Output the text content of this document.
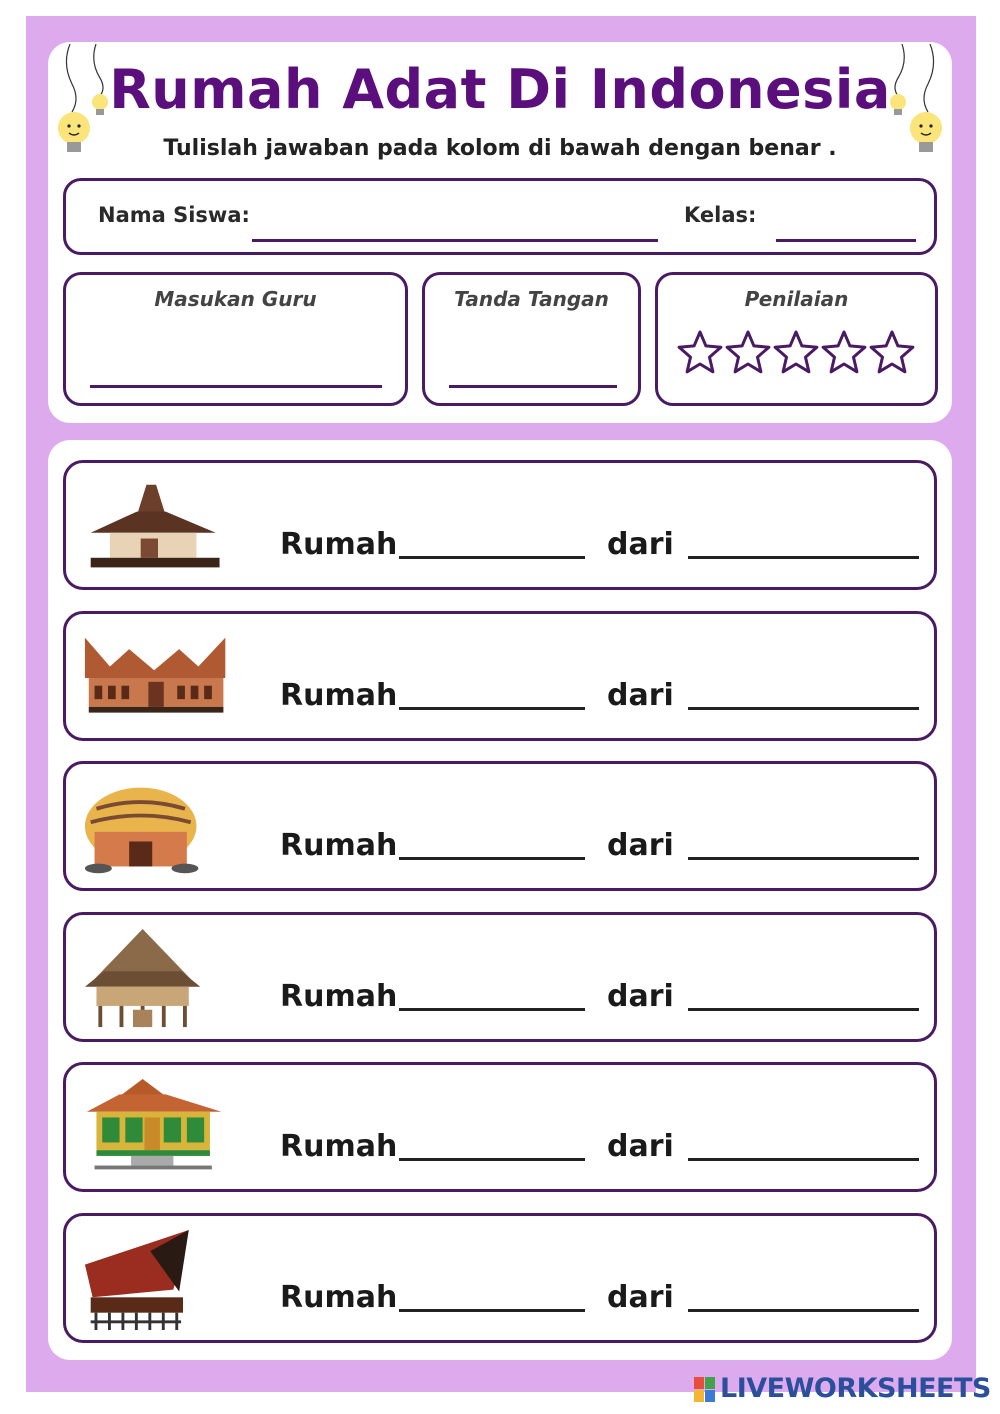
Rumah Adat Di Indonesia
Tulislah jawaban pada kolom di bawah dengan benar .
Nama Siswa:	Kelas:
Masukan Guru	Tanda Tangan	Penilaian
Rumah	dari
Rumah	dari
Rumah	dari
Rumah	dari
Rumah	dari
Rumah	dari
LIVEWORKSHEETS
